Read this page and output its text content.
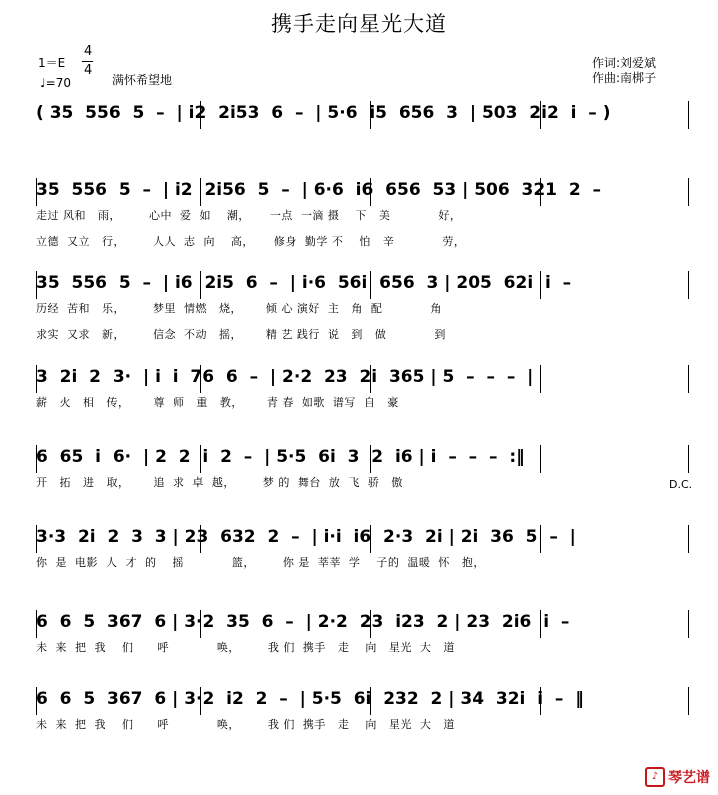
携手走向星光大道
1＝E
4
4
♩=70	满怀希望地
作词:刘爱斌
作曲:南梆子
( 35  556  5  –  | i2  2i53  6  –  | 5·6  i5  656  3  | 503  2i2  i  – )
35  556  5  –  | i2  2i56  5  –  | 6·6  i6  656  53 | 506  321  2  –
走过 风和   雨，       心中  爱  如    潮，     一点  一滴 摄    下   美            好，
立德  又立   行，       人人  志  向    高，     修身  勤学 不    怕   辛            劳，
35  556  5  –  | i6  2i5  6  –  | i·6  56i  656  3 | 205  62i  i  –
历经  苦和   乐，       梦里  情燃   烧，      倾 心 演好  主   角  配            角
求实  又求   新，       信念  不动   摇，      精 艺 践行  说   到   做            到
3  2i  2  3·  | i  i  76  6  –  | 2·2  23  2i  365 | 5  –  –  –  |
薪   火   相   传，      尊  师   重   教，      青 春  如歌  谱写  自   豪
6  65  i  6·  | 2  2  i  2  –  | 5·5  6i  3  2  i6 | i  –  –  –  :‖
开   拓   进   取，      追  求  卓  越，       梦 的  舞台  放  飞  骄   傲
3·3  2i  2  3  3 | 23  632  2  –  | i·i  i6  2·3  2i | 2i  36  5  –  |
你  是  电影  人  才  的    摇            篮，       你 是  莘莘  学    子的  温暖  怀   抱，
6  6  5  367  6 | 3·2  35  6  –  | 2·2  23  i23  2 | 23  2i6  i  –
未  来  把  我    们      呼            唤，       我 们  携手   走    向   星光  大   道
6  6  5  367  6 | 3·2  i2  2  –  | 5·5  6i  232  2 | 34  32i  i  –  ‖
未  来  把  我    们      呼            唤，       我 们  携手   走    向   星光  大   道
D.C.
♪ 琴艺谱
